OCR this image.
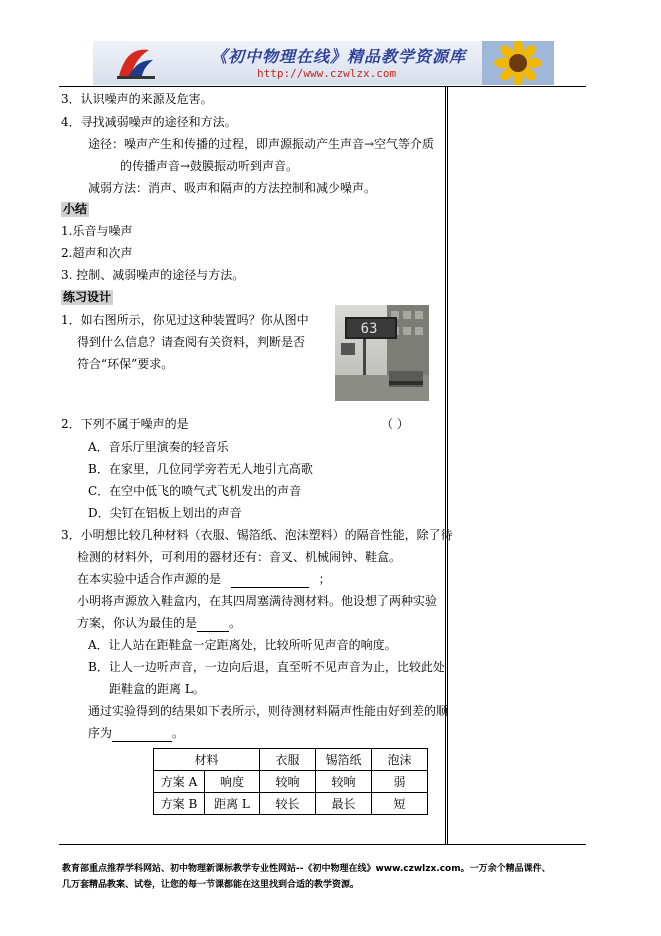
《初中物理在线》精品教学资源库
http://www.czwlzx.com
3．认识噪声的来源及危害。
4．寻找减弱噪声的途径和方法。
途径：噪声产生和传播的过程，即声源振动产生声音→空气等介质
的传播声音→鼓膜振动听到声音。
减弱方法：消声、吸声和隔声的方法控制和减少噪声。
小结
1.乐音与噪声
2.超声和次声
3. 控制、减弱噪声的途径与方法。
练习设计
1．如右图所示，你见过这种装置吗？你从图中
得到什么信息？请查阅有关资料，判断是否
符合“环保”要求。
63
2．下列不属于噪声的是	（ ）
A．音乐厅里演奏的轻音乐
B．在家里，几位同学旁若无人地引亢高歌
C．在空中低飞的喷气式飞机发出的声音
D．尖钉在铝板上划出的声音
3．小明想比较几种材料（衣服、锡箔纸、泡沫塑料）的隔音性能，除了待
检测的材料外，可利用的器材还有：音叉、机械闹钟、鞋盒。
在本实验中适合作声源的是	；
小明将声源放入鞋盒内，在其四周塞满待测材料。他设想了两种实验
方案，你认为最佳的是	。
A．让人站在距鞋盒一定距离处，比较所听见声音的响度。
B．让人一边听声音，一边向后退，直至听不见声音为止，比较此处
距鞋盒的距离 L。
通过实验得到的结果如下表所示，则待测材料隔声性能由好到差的顺
序为	。
材料		衣服	锡箔纸	泡沫
方案 A	响度	较响	较响	弱
方案 B	距离 L	较长	最长	短
教育部重点推荐学科网站、初中物理新课标教学专业性网站--《初中物理在线》www.czwlzx.com。一万余个精品课件、
几万套精品教案、试卷，让您的每一节课都能在这里找到合适的教学资源。
